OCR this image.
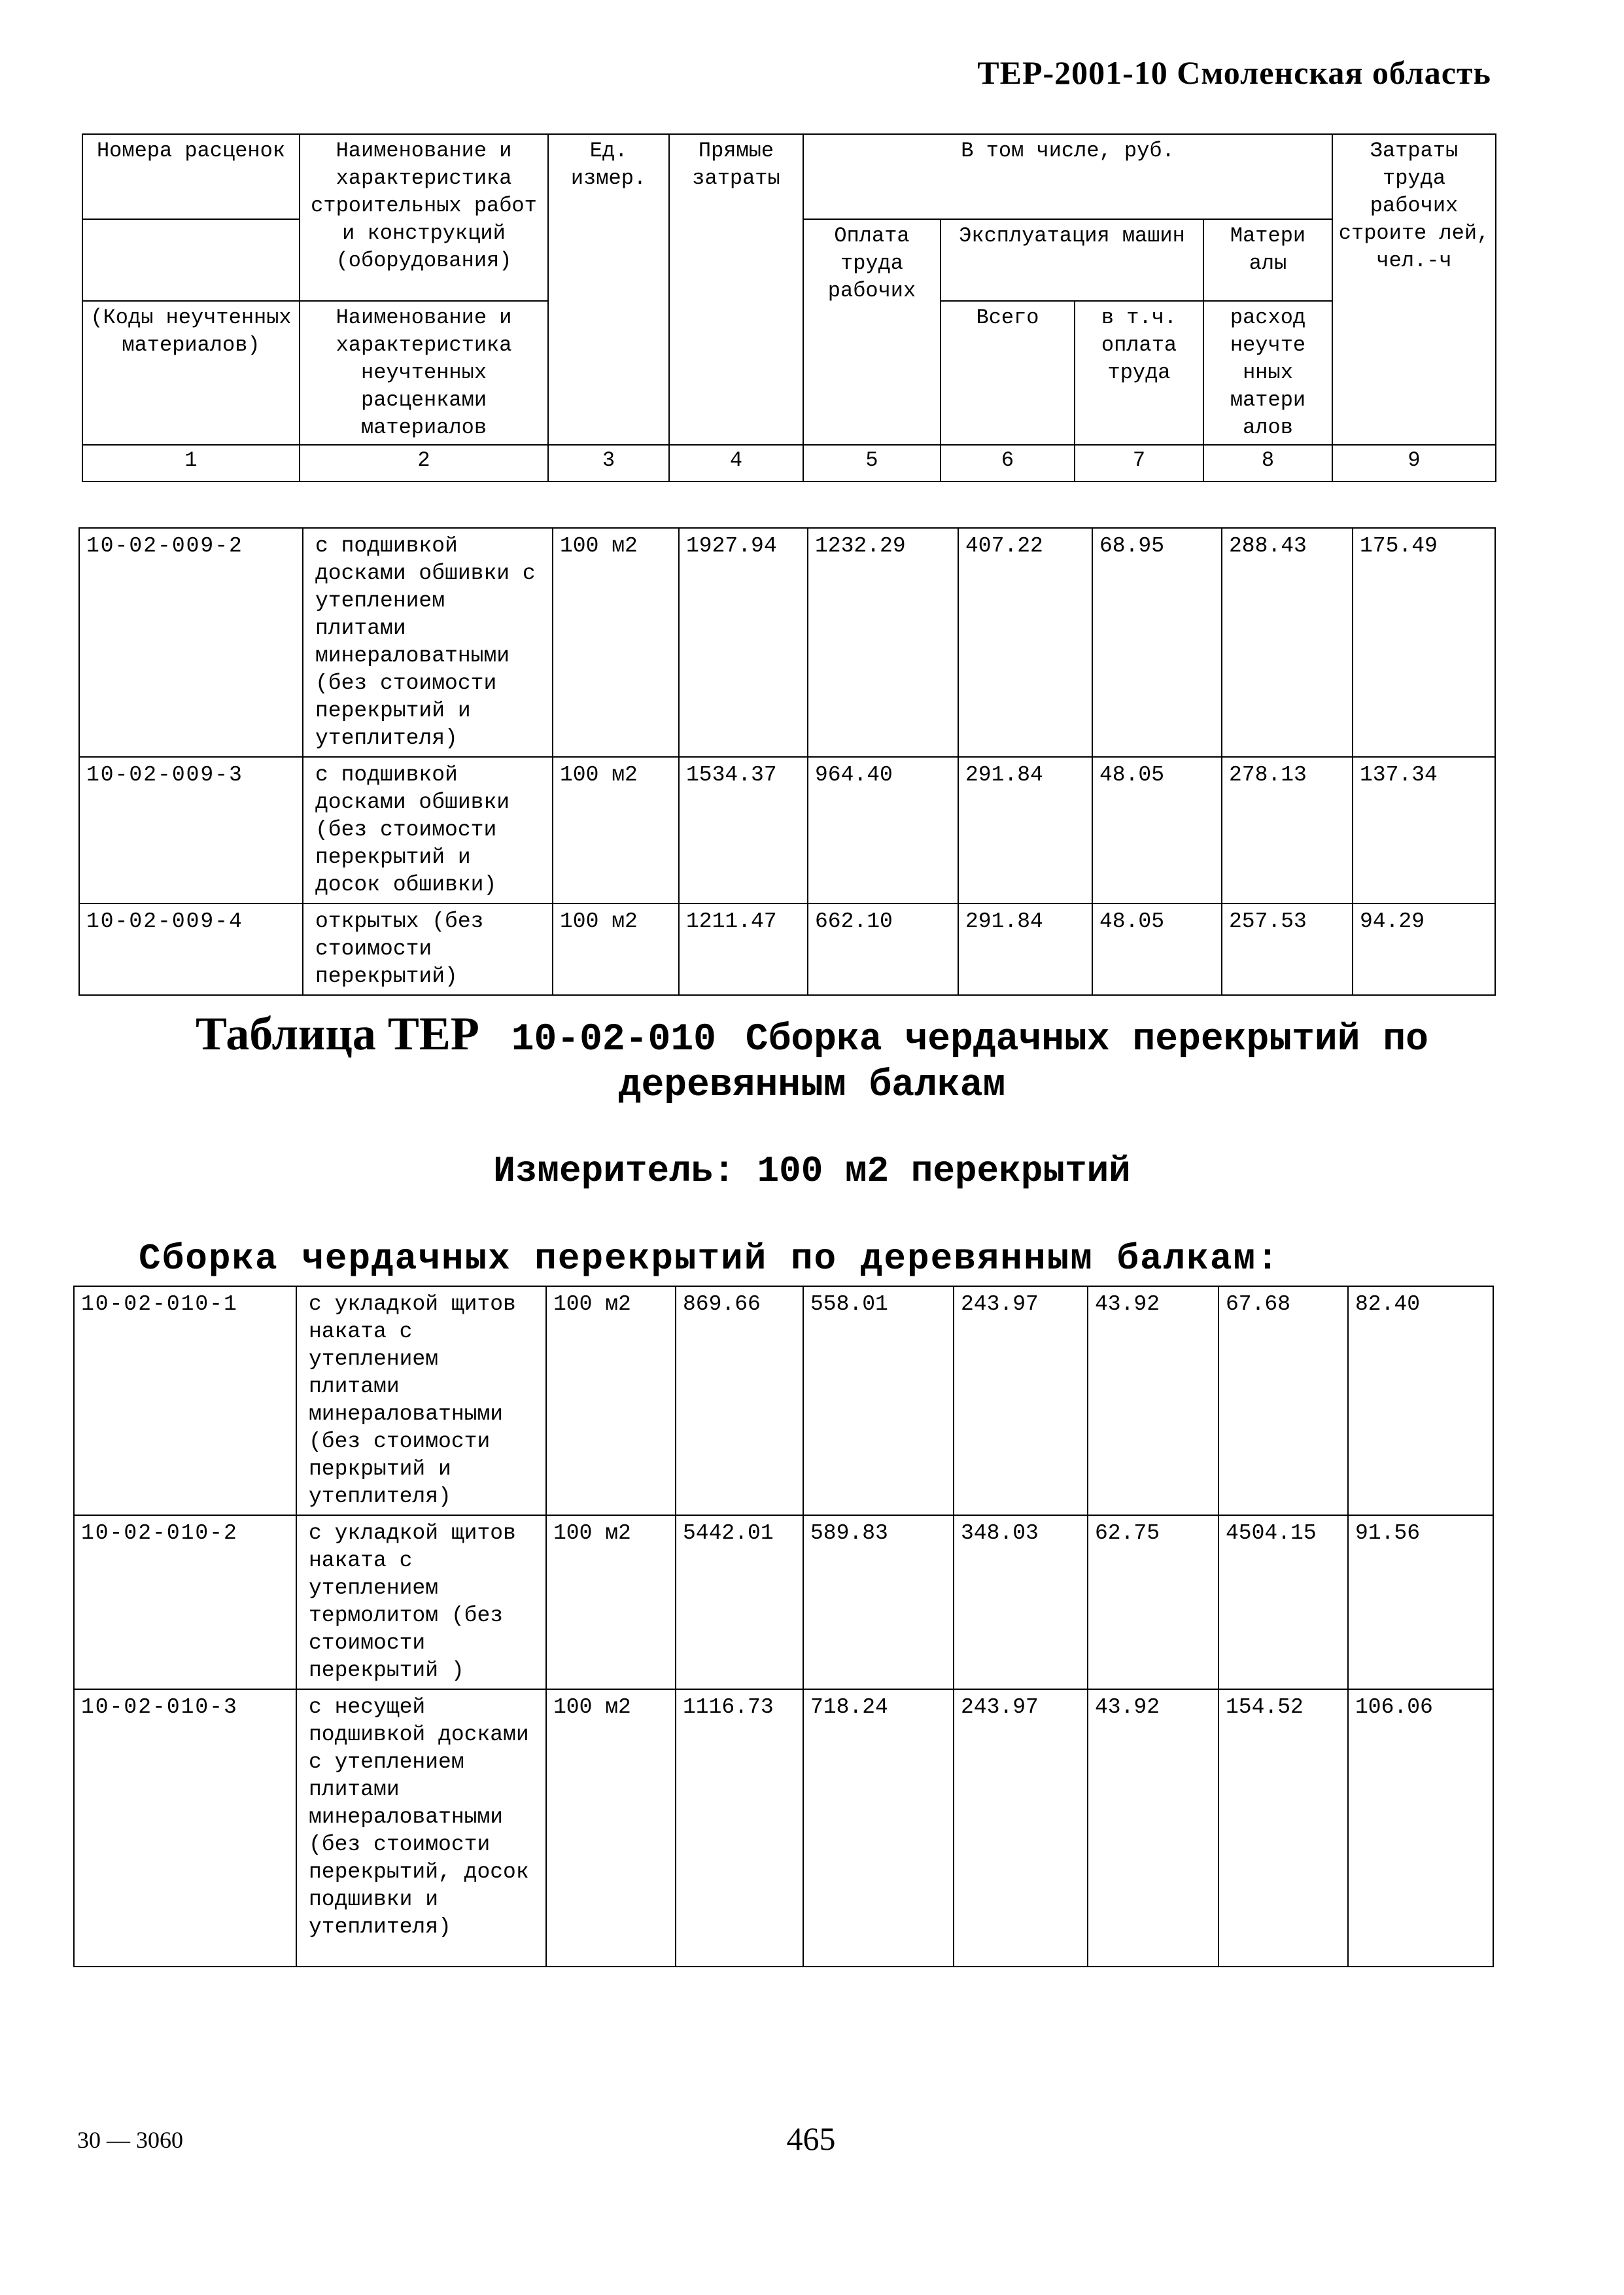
ТЕР-2001-10 Смоленская область
Номера расценок	Наименование и характеристика строительных работ и конструкций (оборудования)	Ед. измер.	Прямые затраты	В том числе, руб.				Затраты труда рабочих строите лей, чел.-ч
				Оплата труда рабочих	Эксплуатация машин		Матери алы	
(Коды неучтенных материалов)	Наименование и характеристика неучтенных расценками материалов				Всего	в т.ч. оплата труда	расход неучте нных матери алов	
1	2	3	4	5	6	7	8	9
10-02-009-2	с подшивкой досками обшивки с утеплением плитами минераловатными (без стоимости перекрытий и утеплителя)	100 м2	1927.94	1232.29	407.22	68.95	288.43	175.49
10-02-009-3	с подшивкой досками обшивки (без стоимости перекрытий и досок обшивки)	100 м2	1534.37	964.40	291.84	48.05	278.13	137.34
10-02-009-4	открытых (без стоимости перекрытий)	100 м2	1211.47	662.10	291.84	48.05	257.53	94.29
Таблица ТЕР 10-02-010 Сборка чердачных перекрытий по
деревянным балкам
Измеритель: 100 м2 перекрытий
Сборка чердачных перекрытий по деревянным балкам:
10-02-010-1	с укладкой щитов наката с утеплением плитами минераловатными (без стоимости перкрытий и утеплителя)	100 м2	869.66	558.01	243.97	43.92	67.68	82.40
10-02-010-2	с укладкой щитов наката с утеплением термолитом (без стоимости перекрытий )	100 м2	5442.01	589.83	348.03	62.75	4504.15	91.56
10-02-010-3	с несущей подшивкой досками с утеплением плитами минераловатными (без стоимости перекрытий, досок подшивки и утеплителя)	100 м2	1116.73	718.24	243.97	43.92	154.52	106.06
30 — 3060	465
